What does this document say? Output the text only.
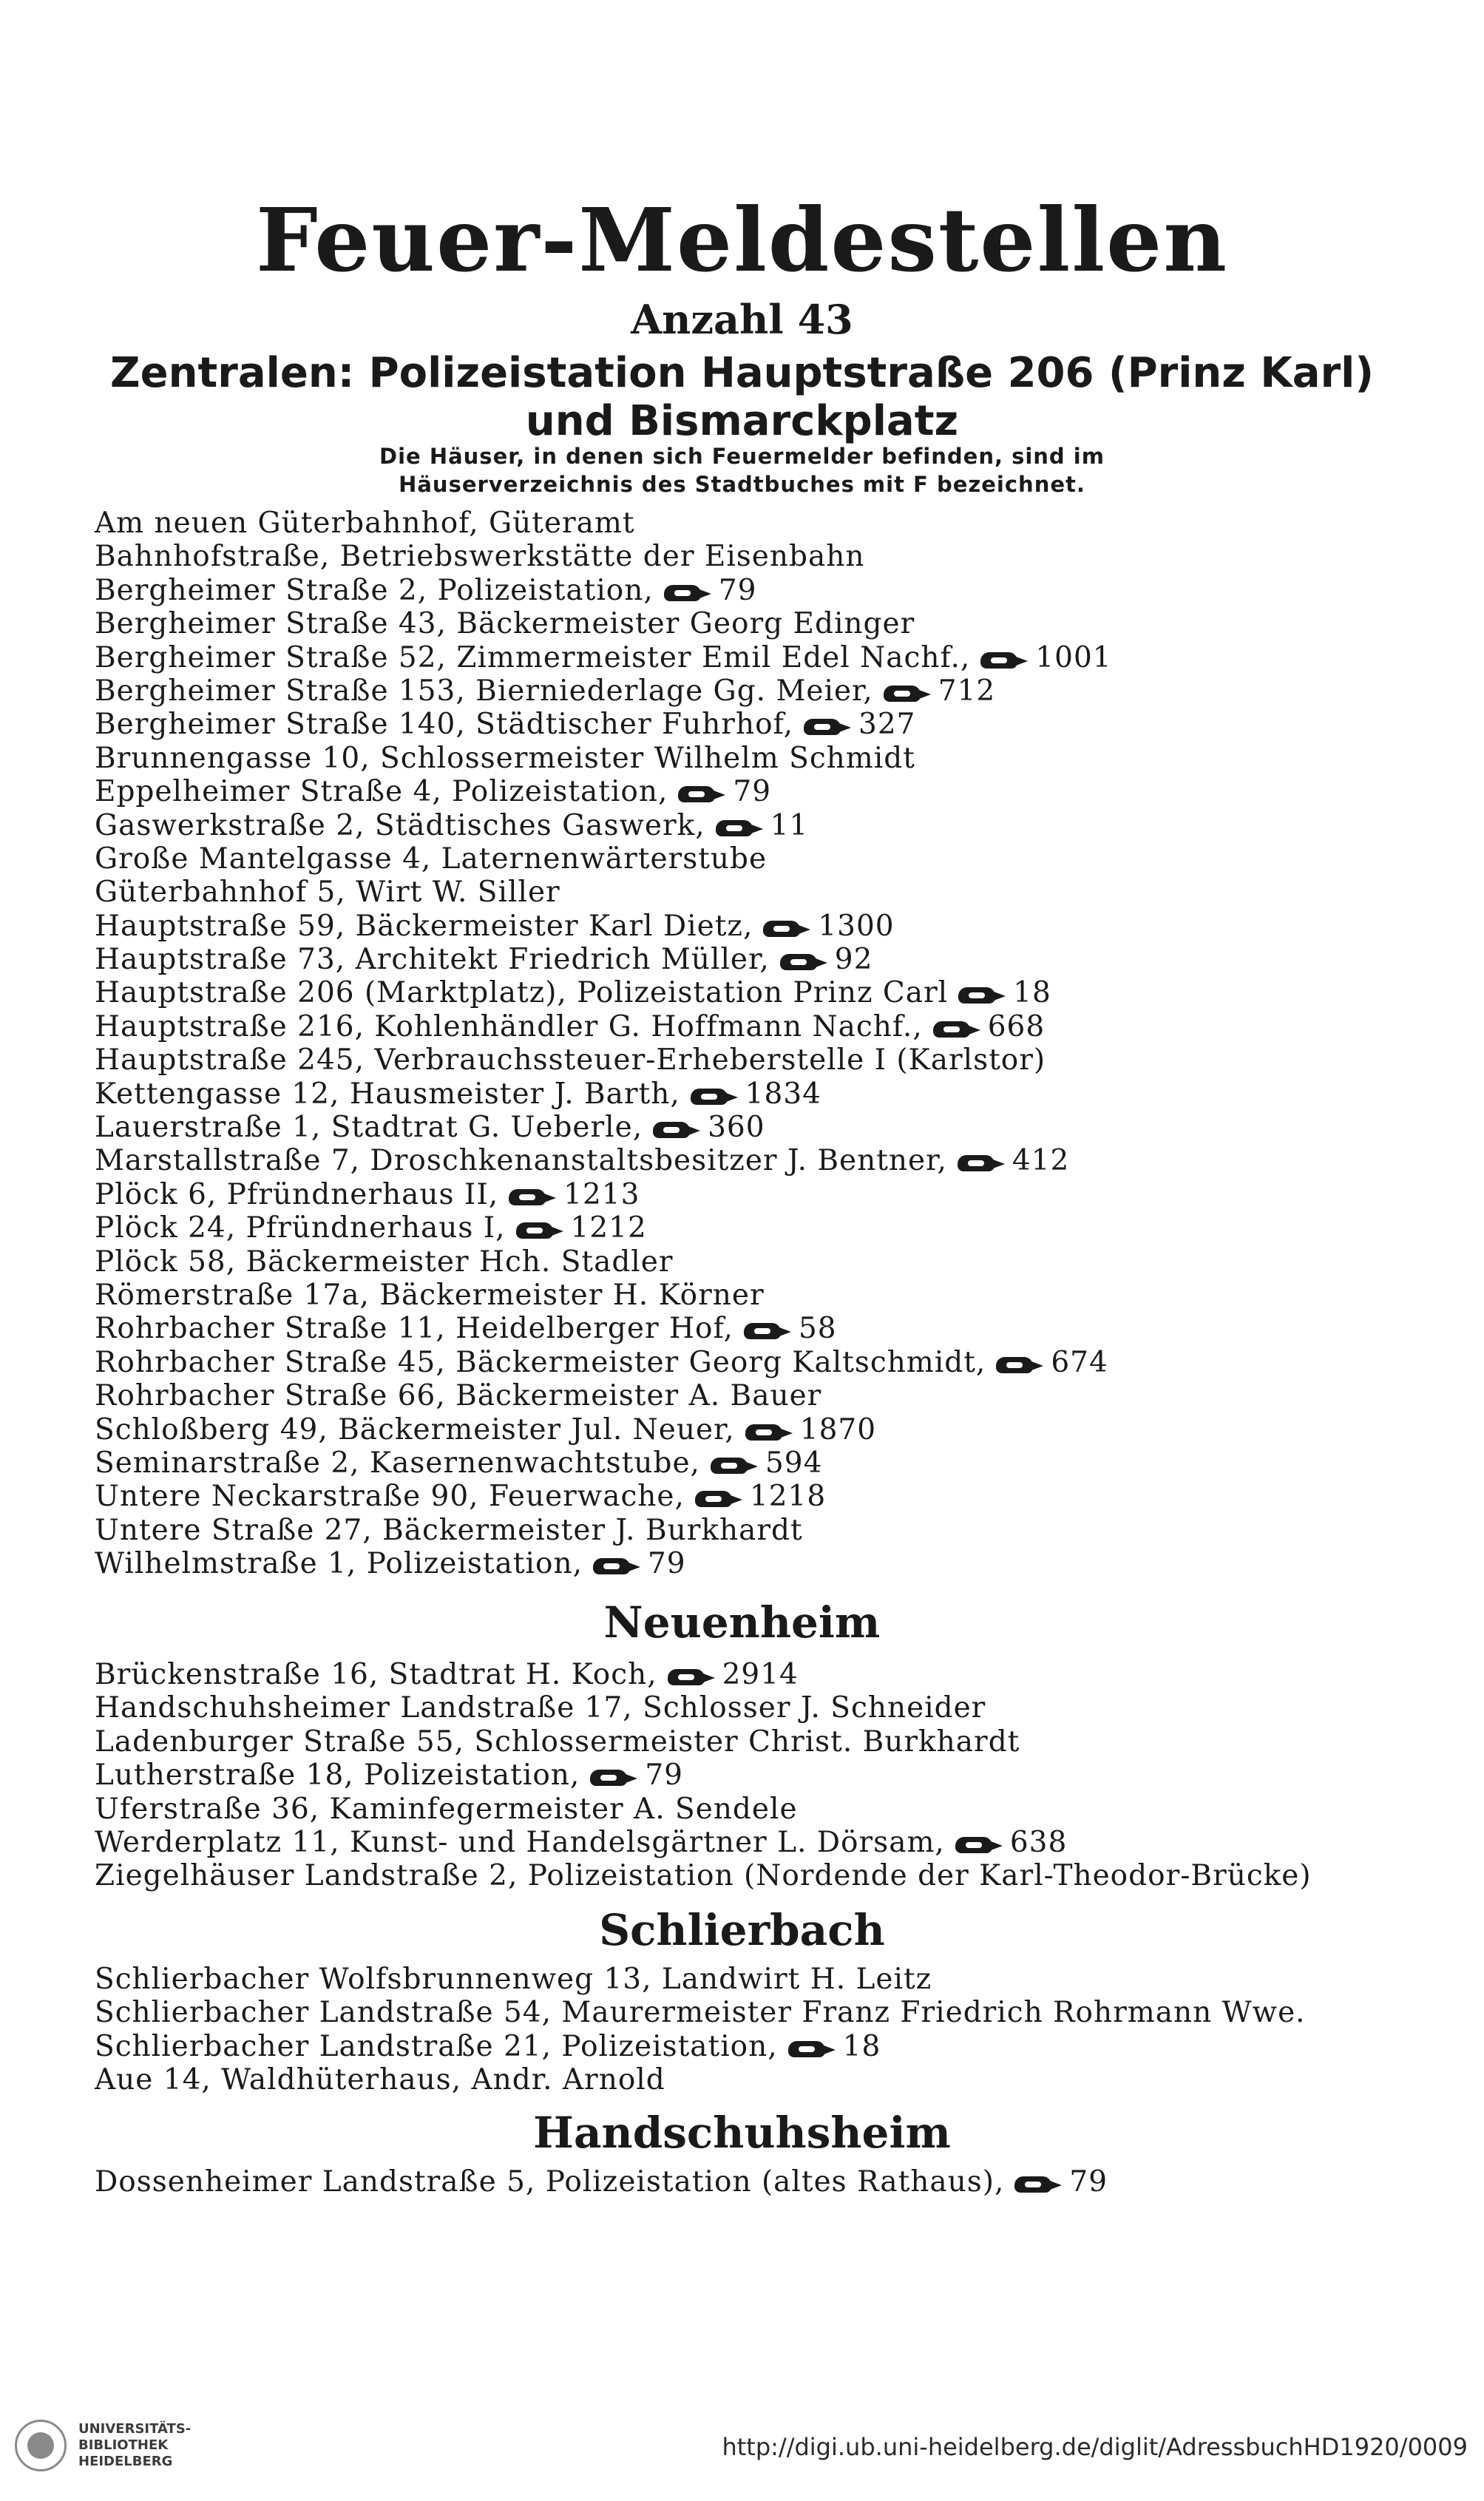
Feuer-Meldestellen
Anzahl 43
Zentralen: Polizeistation Hauptstraße 206 (Prinz Karl)
und Bismarckplatz
Die Häuser, in denen sich Feuermelder befinden, sind im
Häuserverzeichnis des Stadtbuches mit F bezeichnet.
Am neuen Güterbahnhof, Güteramt
Bahnhofstraße, Betriebswerkstätte der Eisenbahn
Bergheimer Straße 2, Polizeistation, 79
Bergheimer Straße 43, Bäckermeister Georg Edinger
Bergheimer Straße 52, Zimmermeister Emil Edel Nachf., 1001
Bergheimer Straße 153, Bierniederlage Gg. Meier, 712
Bergheimer Straße 140, Städtischer Fuhrhof, 327
Brunnengasse 10, Schlossermeister Wilhelm Schmidt
Eppelheimer Straße 4, Polizeistation, 79
Gaswerkstraße 2, Städtisches Gaswerk, 11
Große Mantelgasse 4, Laternenwärterstube
Güterbahnhof 5, Wirt W. Siller
Hauptstraße 59, Bäckermeister Karl Dietz, 1300
Hauptstraße 73, Architekt Friedrich Müller, 92
Hauptstraße 206 (Marktplatz), Polizeistation Prinz Carl 18
Hauptstraße 216, Kohlenhändler G. Hoffmann Nachf., 668
Hauptstraße 245, Verbrauchssteuer-Erheberstelle I (Karlstor)
Kettengasse 12, Hausmeister J. Barth, 1834
Lauerstraße 1, Stadtrat G. Ueberle, 360
Marstallstraße 7, Droschkenanstaltsbesitzer J. Bentner, 412
Plöck 6, Pfründnerhaus II, 1213
Plöck 24, Pfründnerhaus I, 1212
Plöck 58, Bäckermeister Hch. Stadler
Römerstraße 17a, Bäckermeister H. Körner
Rohrbacher Straße 11, Heidelberger Hof, 58
Rohrbacher Straße 45, Bäckermeister Georg Kaltschmidt, 674
Rohrbacher Straße 66, Bäckermeister A. Bauer
Schloßberg 49, Bäckermeister Jul. Neuer, 1870
Seminarstraße 2, Kasernenwachtstube, 594
Untere Neckarstraße 90, Feuerwache, 1218
Untere Straße 27, Bäckermeister J. Burkhardt
Wilhelmstraße 1, Polizeistation, 79
Neuenheim
Brückenstraße 16, Stadtrat H. Koch, 2914
Handschuhsheimer Landstraße 17, Schlosser J. Schneider
Ladenburger Straße 55, Schlossermeister Christ. Burkhardt
Lutherstraße 18, Polizeistation, 79
Uferstraße 36, Kaminfegermeister A. Sendele
Werderplatz 11, Kunst- und Handelsgärtner L. Dörsam, 638
Ziegelhäuser Landstraße 2, Polizeistation (Nordende der Karl-Theodor-Brücke)
Schlierbach
Schlierbacher Wolfsbrunnenweg 13, Landwirt H. Leitz
Schlierbacher Landstraße 54, Maurermeister Franz Friedrich Rohrmann Wwe.
Schlierbacher Landstraße 21, Polizeistation, 18
Aue 14, Waldhüterhaus, Andr. Arnold
Handschuhsheim
Dossenheimer Landstraße 5, Polizeistation (altes Rathaus), 79
UNIVERSITÄTS-
BIBLIOTHEK
HEIDELBERG
http://digi.ub.uni-heidelberg.de/diglit/AdressbuchHD1920/0009
